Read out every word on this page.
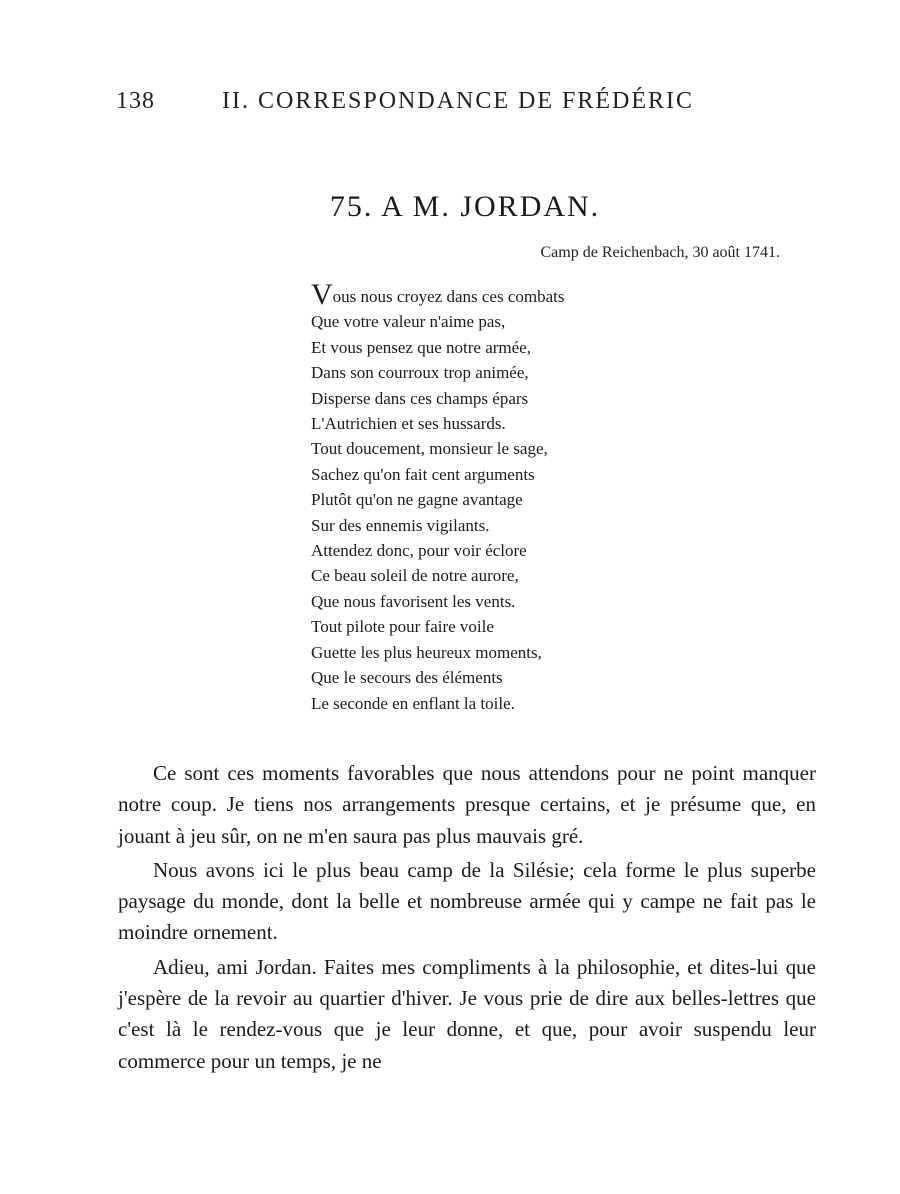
138	II. CORRESPONDANCE DE FRÉDÉRIC
75. A M. JORDAN.
Camp de Reichenbach, 30 août 1741.
Vous nous croyez dans ces combats
Que votre valeur n'aime pas,
Et vous pensez que notre armée,
Dans son courroux trop animée,
Disperse dans ces champs épars
L'Autrichien et ses hussards.
Tout doucement, monsieur le sage,
Sachez qu'on fait cent arguments
Plutôt qu'on ne gagne avantage
Sur des ennemis vigilants.
Attendez donc, pour voir éclore
Ce beau soleil de notre aurore,
Que nous favorisent les vents.
Tout pilote pour faire voile
Guette les plus heureux moments,
Que le secours des éléments
Le seconde en enflant la toile.

Ce sont ces moments favorables que nous attendons pour ne point manquer notre coup. Je tiens nos arrangements presque certains, et je présume que, en jouant à jeu sûr, on ne m'en saura pas plus mauvais gré.

Nous avons ici le plus beau camp de la Silésie; cela forme le plus superbe paysage du monde, dont la belle et nombreuse armée qui y campe ne fait pas le moindre ornement.

Adieu, ami Jordan. Faites mes compliments à la philosophie, et dites-lui que j'espère de la revoir au quartier d'hiver. Je vous prie de dire aux belles-lettres que c'est là le rendez-vous que je leur donne, et que, pour avoir suspendu leur commerce pour un temps, je ne
